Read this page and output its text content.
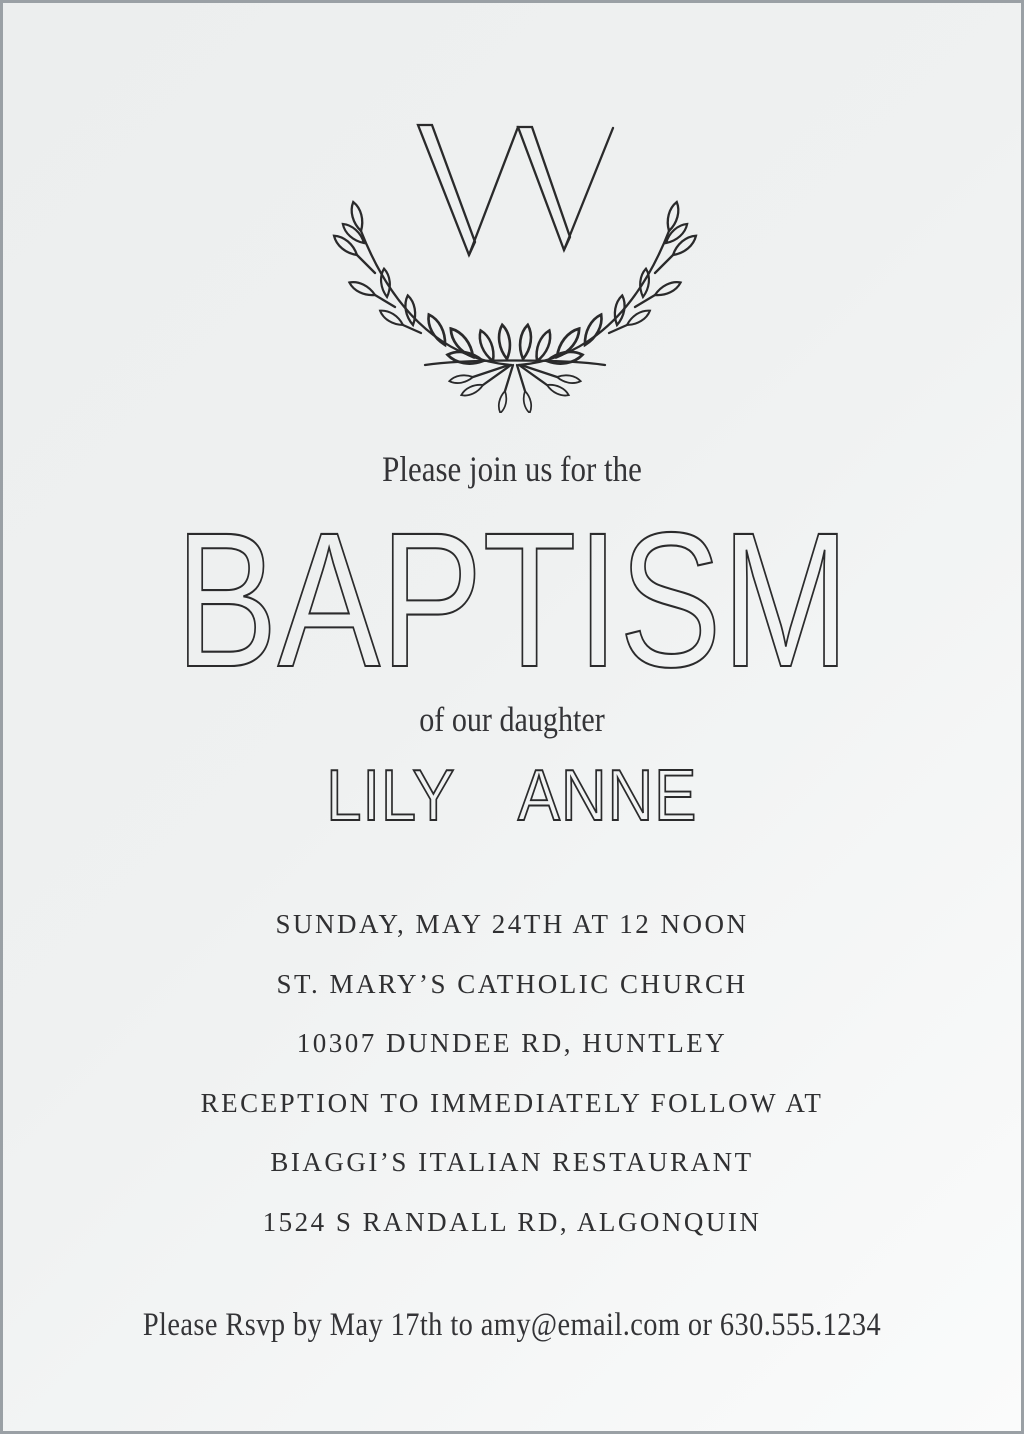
Please join us for the
BAPTISM
of our daughter
LILY ANNE
SUNDAY, MAY 24TH AT 12 NOON
ST. MARY’S CATHOLIC CHURCH
10307 DUNDEE RD, HUNTLEY
RECEPTION TO IMMEDIATELY FOLLOW AT
BIAGGI’S ITALIAN RESTAURANT
1524 S RANDALL RD, ALGONQUIN
Please Rsvp by May 17th to amy@email.com or 630.555.1234
